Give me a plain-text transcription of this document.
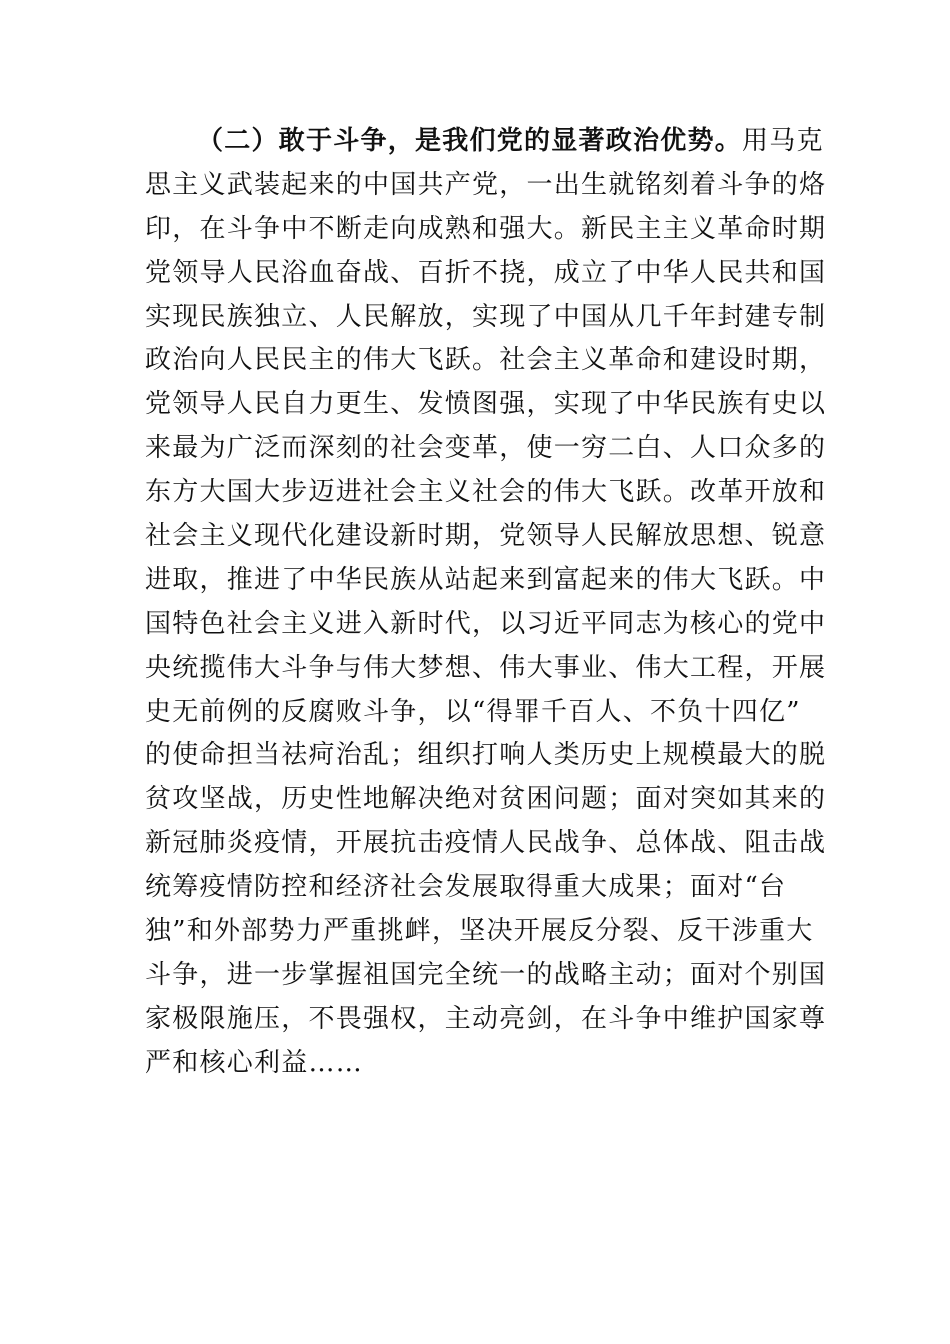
（二）敢于斗争，是我们党的显著政治优势。用马克
思主义武装起来的中国共产党，一出生就铭刻着斗争的烙
印，在斗争中不断走向成熟和强大。新民主主义革命时期
党领导人民浴血奋战、百折不挠，成立了中华人民共和国
实现民族独立、人民解放，实现了中国从几千年封建专制
政治向人民民主的伟大飞跃。社会主义革命和建设时期，
党领导人民自力更生、发愤图强，实现了中华民族有史以
来最为广泛而深刻的社会变革，使一穷二白、人口众多的
东方大国大步迈进社会主义社会的伟大飞跃。改革开放和
社会主义现代化建设新时期，党领导人民解放思想、锐意
进取，推进了中华民族从站起来到富起来的伟大飞跃。中
国特色社会主义进入新时代，以习近平同志为核心的党中
央统揽伟大斗争与伟大梦想、伟大事业、伟大工程，开展
史无前例的反腐败斗争，以“得罪千百人、不负十四亿”
的使命担当祛疴治乱；组织打响人类历史上规模最大的脱
贫攻坚战，历史性地解决绝对贫困问题；面对突如其来的
新冠肺炎疫情，开展抗击疫情人民战争、总体战、阻击战
统筹疫情防控和经济社会发展取得重大成果；面对“台
独”和外部势力严重挑衅，坚决开展反分裂、反干涉重大
斗争，进一步掌握祖国完全统一的战略主动；面对个别国
家极限施压，不畏强权，主动亮剑，在斗争中维护国家尊
严和核心利益……
